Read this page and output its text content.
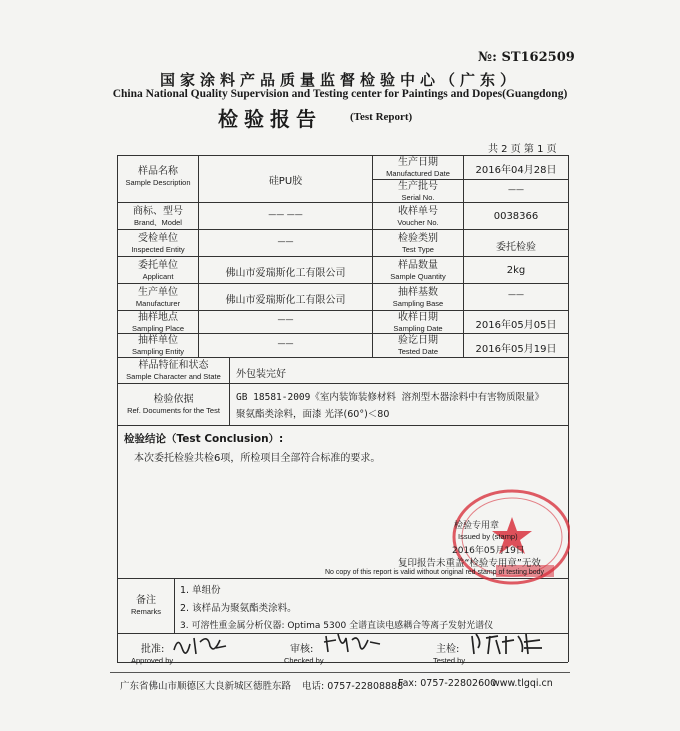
№: ST162509
国家涂料产品质量监督检验中心（广东）
China National Quality Supervision and Testing center for Paintings and Dopes(Guangdong)
检验报告	(Test Report)
共 2 页 第 1 页
样品名称
Sample Description
商标、型号
Brand、Model
受检单位
Inspected Entity
委托单位
Applicant
生产单位
Manufacturer
抽样地点
Sampling Place
抽样单位
Sampling Entity
样品特征和状态
Sample Character and State
检验依据
Ref. Documents for the Test
硅PU胶
—— ——
——
佛山市爱瑞斯化工有限公司
佛山市爱瑞斯化工有限公司
——
——
生产日期
Manufactured Date
生产批号
Serial No.
收样单号
Voucher No.
检验类别
Test Type
样品数量
Sample Quantity
抽样基数
Sampling Base
收样日期
Sampling Date
验讫日期
Tested Date
2016年04月28日
——
0038366
委托检验
2kg
——
2016年05月05日
2016年05月19日
外包装完好
GB 18581-2009《室内装饰装修材料 溶剂型木器涂料中有害物质限量》
聚氨酯类涂料，面漆 光泽(60°)＜80
检验结论（Test Conclusion）:
本次委托检验共检6项，所检项目全部符合标准的要求。
检验专用章
Issued by (stamp)
2016年05月19日
复印报告未重盖“检验专用章”无效
No copy of this report is valid without original red stamp of testing body
备注
Remarks
1. 单组份
2. 该样品为聚氨酯类涂料。
3. 可溶性重金属分析仪器: Optima 5300 全谱直读电感耦合等离子发射光谱仪
批准:
Approved by
审核:
Checked by
主检:
Tested by
广东省佛山市顺德区大良新城区德胜东路 电话: 0757-22808888
Fax: 0757-22802600
www.tlgqi.cn
